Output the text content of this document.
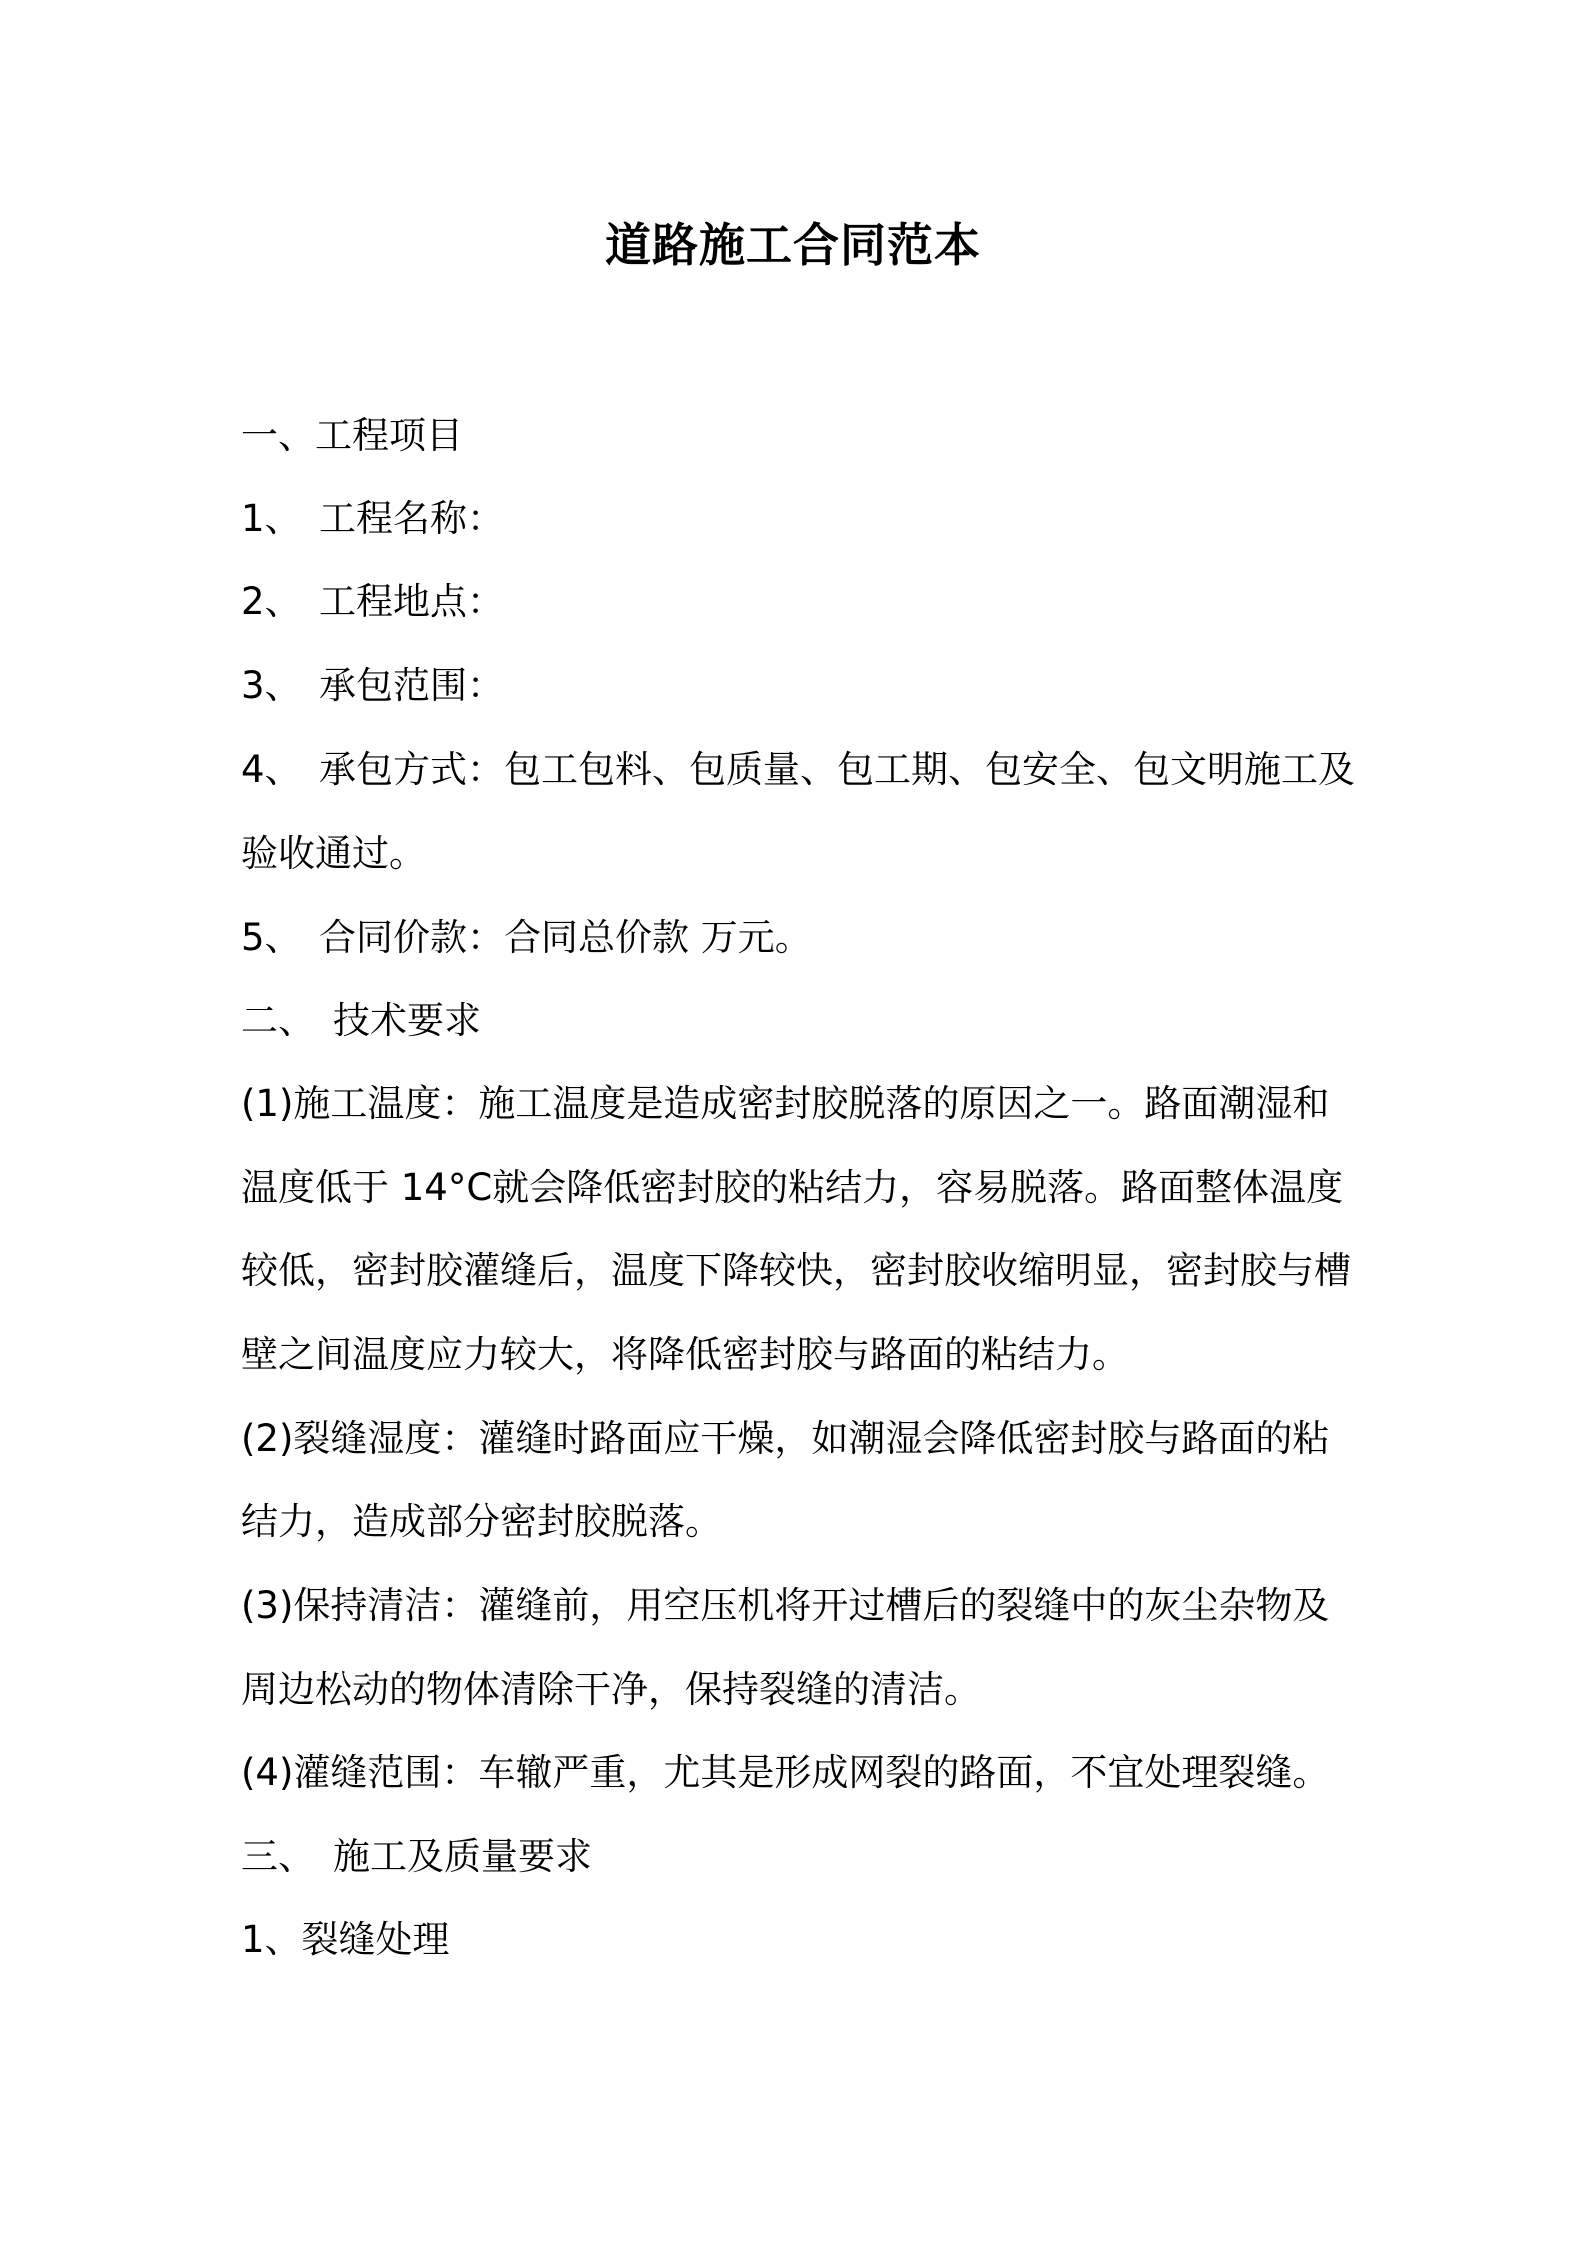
道路施工合同范本
一、工程项目
1、 工程名称：
2、 工程地点：
3、 承包范围：
4、 承包方式：包工包料、包质量、包工期、包安全、包文明施工及
验收通过。
5、 合同价款：合同总价款 万元。
二、 技术要求
(1)施工温度：施工温度是造成密封胶脱落的原因之一。路面潮湿和
温度低于 14°C就会降低密封胶的粘结力，容易脱落。路面整体温度
较低，密封胶灌缝后，温度下降较快，密封胶收缩明显，密封胶与槽
壁之间温度应力较大，将降低密封胶与路面的粘结力。
(2)裂缝湿度：灌缝时路面应干燥，如潮湿会降低密封胶与路面的粘
结力，造成部分密封胶脱落。
(3)保持清洁：灌缝前，用空压机将开过槽后的裂缝中的灰尘杂物及
周边松动的物体清除干净，保持裂缝的清洁。
(4)灌缝范围：车辙严重，尤其是形成网裂的路面，不宜处理裂缝。
三、 施工及质量要求
1、裂缝处理
